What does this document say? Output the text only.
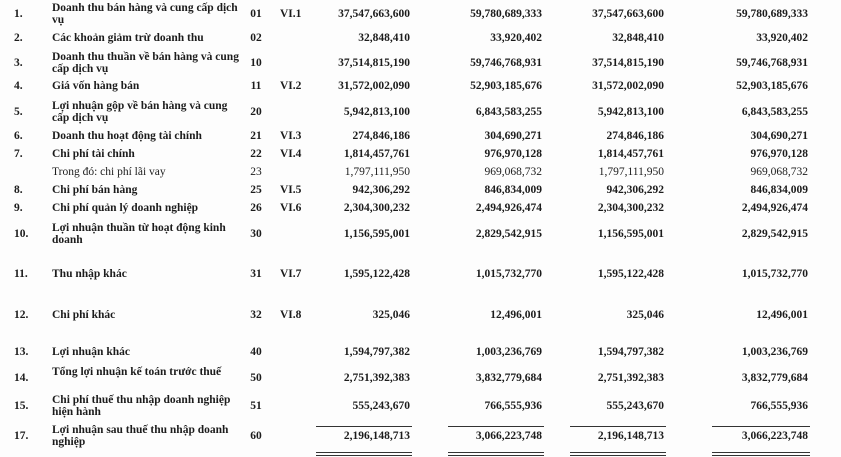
1.	Doanh thu bán hàng và cung cấp dịch vụ	01	VI.1	37,547,663,600	59,780,689,333	37,547,663,600	59,780,689,333
2.	Các khoản giảm trừ doanh thu	02	32,848,410	33,920,402	32,848,410	33,920,402
3.	Doanh thu thuần về bán hàng và cung cấp dịch vụ	10	37,514,815,190	59,746,768,931	37,514,815,190	59,746,768,931
4.	Giá vốn hàng bán	11	VI.2	31,572,002,090	52,903,185,676	31,572,002,090	52,903,185,676
5.	Lợi nhuận gộp về bán hàng và cung cấp dịch vụ	20	5,942,813,100	6,843,583,255	5,942,813,100	6,843,583,255
6.	Doanh thu hoạt động tài chính	21	VI.3	274,846,186	304,690,271	274,846,186	304,690,271
7.	Chi phí tài chính	22	VI.4	1,814,457,761	976,970,128	1,814,457,761	976,970,128
Trong đó: chi phí lãi vay	23	1,797,111,950	969,068,732	1,797,111,950	969,068,732
8.	Chi phí bán hàng	25	VI.5	942,306,292	846,834,009	942,306,292	846,834,009
9.	Chi phí quản lý doanh nghiệp	26	VI.6	2,304,300,232	2,494,926,474	2,304,300,232	2,494,926,474
10. Lợi nhuận thuần từ hoạt động kinh doanh	30	1,156,595,001	2,829,542,915	1,156,595,001	2,829,542,915
11. Thu nhập khác	31	VI.7	1,595,122,428	1,015,732,770	1,595,122,428	1,015,732,770
12. Chi phí khác	32	VI.8	325,046	12,496,001	325,046	12,496,001
13. Lợi nhuận khác	40	1,594,797,382	1,003,236,769	1,594,797,382	1,003,236,769
14. Tổng lợi nhuận kế toán trước thuế	50	2,751,392,383	3,832,779,684	2,751,392,383	3,832,779,684
15. Chi phí thuế thu nhập doanh nghiệp hiện hành	51	555,243,670	766,555,936	555,243,670	766,555,936
17. Lợi nhuận sau thuế thu nhập doanh nghiệp	60	2,196,148,713	3,066,223,748	2,196,148,713	3,066,223,748
